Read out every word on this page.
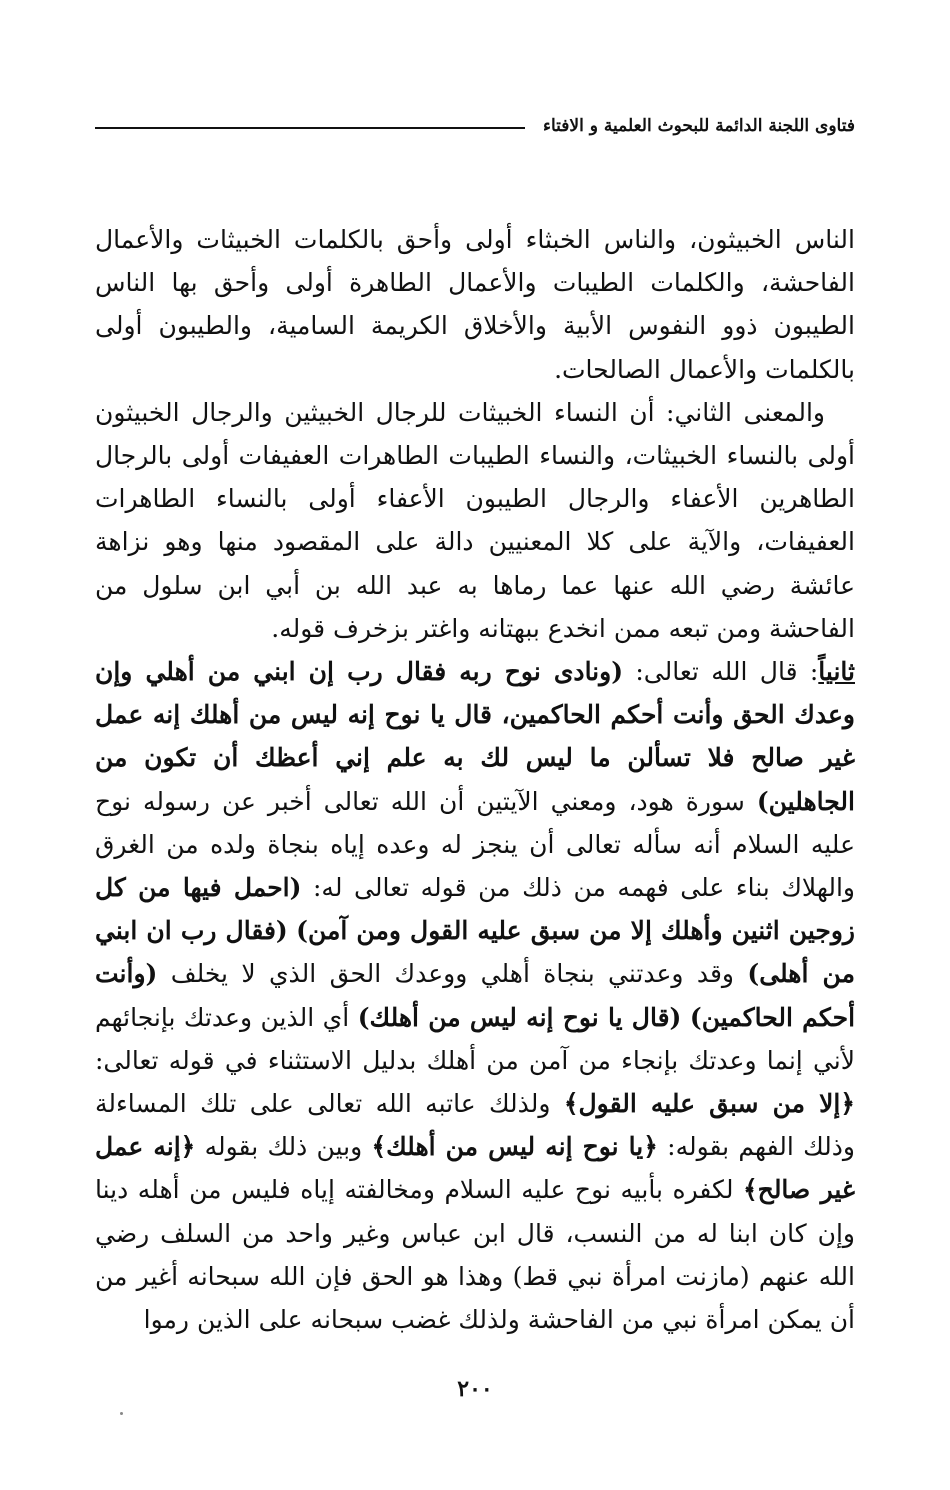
فتاوى اللجنة الدائمة للبحوث العلمية و الافتاء

الناس الخبيثون، والناس الخبثاء أولى وأحق بالكلمات الخبيثات والأعمال الفاحشة، والكلمات الطيبات والأعمال الطاهرة أولى وأحق بها الناس الطيبون ذوو النفوس الأبية والأخلاق الكريمة السامية، والطيبون أولى بالكلمات والأعمال الصالحات.

والمعنى الثاني: أن النساء الخبيثات للرجال الخبيثين والرجال الخبيثون أولى بالنساء الخبيثات، والنساء الطيبات الطاهرات العفيفات أولى بالرجال الطاهرين الأعفاء والرجال الطيبون الأعفاء أولى بالنساء الطاهرات العفيفات، والآية على كلا المعنيين دالة على المقصود منها وهو نزاهة عائشة رضي الله عنها عما رماها به عبد الله بن أبي ابن سلول من الفاحشة ومن تبعه ممن انخدع ببهتانه واغتر بزخرف قوله.

ثانياً: قال الله تعالى: (ونادى نوح ربه فقال رب إن ابني من أهلي وإن وعدك الحق وأنت أحكم الحاكمين، قال يا نوح إنه ليس من أهلك إنه عمل غير صالح فلا تسألن ما ليس لك به علم إني أعظك أن تكون من الجاهلين) سورة هود، ومعني الآيتين أن الله تعالى أخبر عن رسوله نوح عليه السلام أنه سأله تعالى أن ينجز له وعده إياه بنجاة ولده من الغرق والهلاك بناء على فهمه من ذلك من قوله تعالى له: (احمل فيها من كل زوجين اثنين وأهلك إلا من سبق عليه القول ومن آمن) (فقال رب ان ابني من أهلى) وقد وعدتني بنجاة أهلي ووعدك الحق الذي لا يخلف (وأنت أحكم الحاكمين) (قال يا نوح إنه ليس من أهلك) أي الذين وعدتك بإنجائهم لأني إنما وعدتك بإنجاء من آمن من أهلك بدليل الاستثناء في قوله تعالى: ﴿إلا من سبق عليه القول﴾ ولذلك عاتبه الله تعالى على تلك المساءلة وذلك الفهم بقوله: ﴿يا نوح إنه ليس من أهلك﴾ وبين ذلك بقوله ﴿إنه عمل غير صالح﴾ لكفره بأبيه نوح عليه السلام ومخالفته إياه فليس من أهله دينا وإن كان ابنا له من النسب، قال ابن عباس وغير واحد من السلف رضي الله عنهم (مازنت امرأة نبي قط) وهذا هو الحق فإن الله سبحانه أغير من أن يمكن امرأة نبي من الفاحشة ولذلك غضب سبحانه على الذين رموا

٢٠٠
